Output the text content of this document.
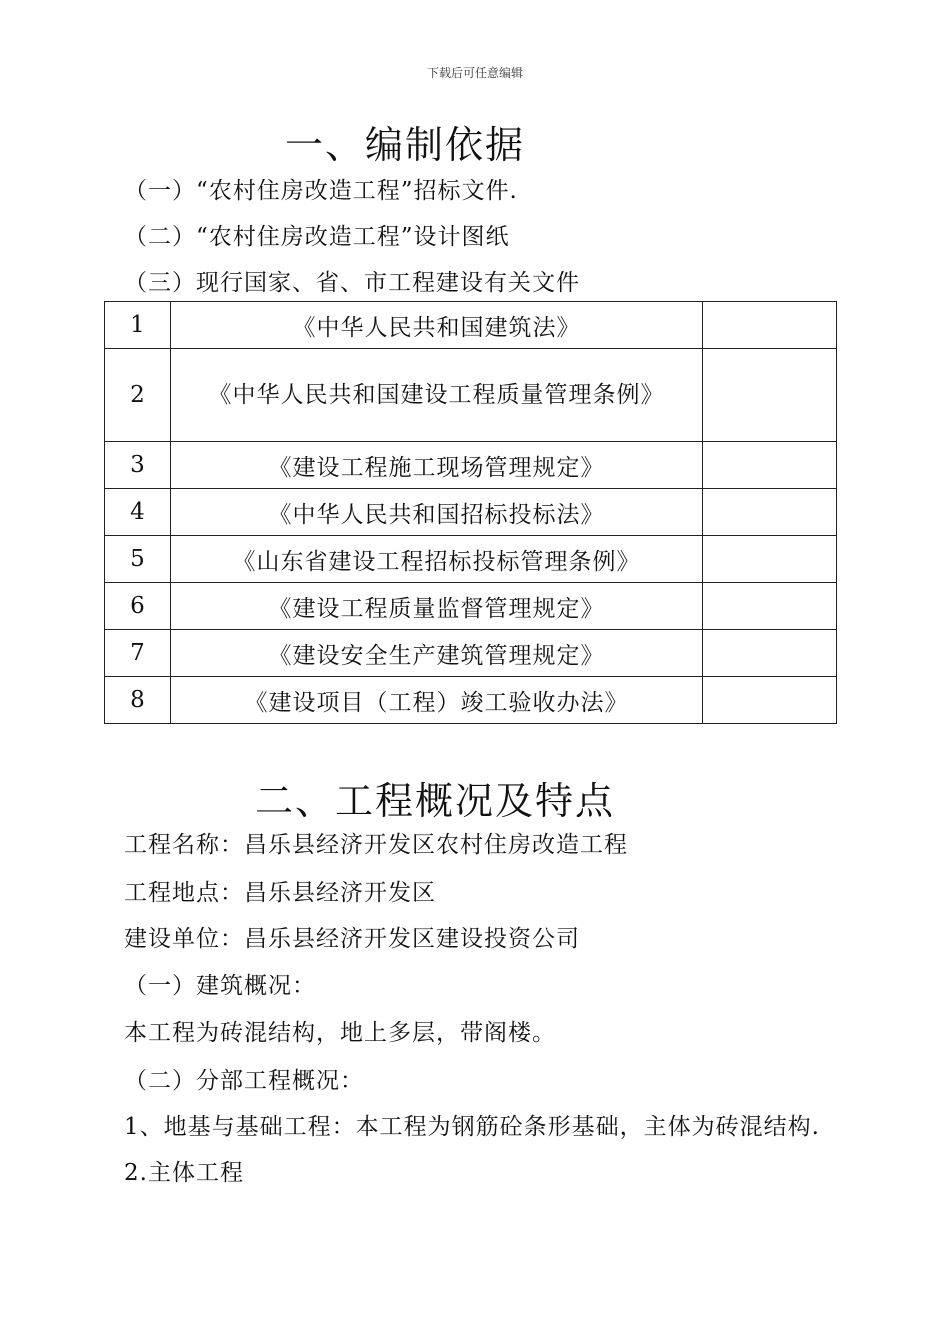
下载后可任意编辑
一、编制依据
（一）“农村住房改造工程”招标文件.
（二）“农村住房改造工程”设计图纸
（三）现行国家、省、市工程建设有关文件
1	《中华人民共和国建筑法》	
2	《中华人民共和国建设工程质量管理条例》	
3	《建设工程施工现场管理规定》	
4	《中华人民共和国招标投标法》	
5	《山东省建设工程招标投标管理条例》	
6	《建设工程质量监督管理规定》	
7	《建设安全生产建筑管理规定》	
8	《建设项目（工程）竣工验收办法》	
二、工程概况及特点
工程名称：昌乐县经济开发区农村住房改造工程
工程地点：昌乐县经济开发区
建设单位：昌乐县经济开发区建设投资公司
（一）建筑概况：
本工程为砖混结构，地上多层，带阁楼。
（二）分部工程概况：
1、地基与基础工程：本工程为钢筋砼条形基础，主体为砖混结构.
2.主体工程
